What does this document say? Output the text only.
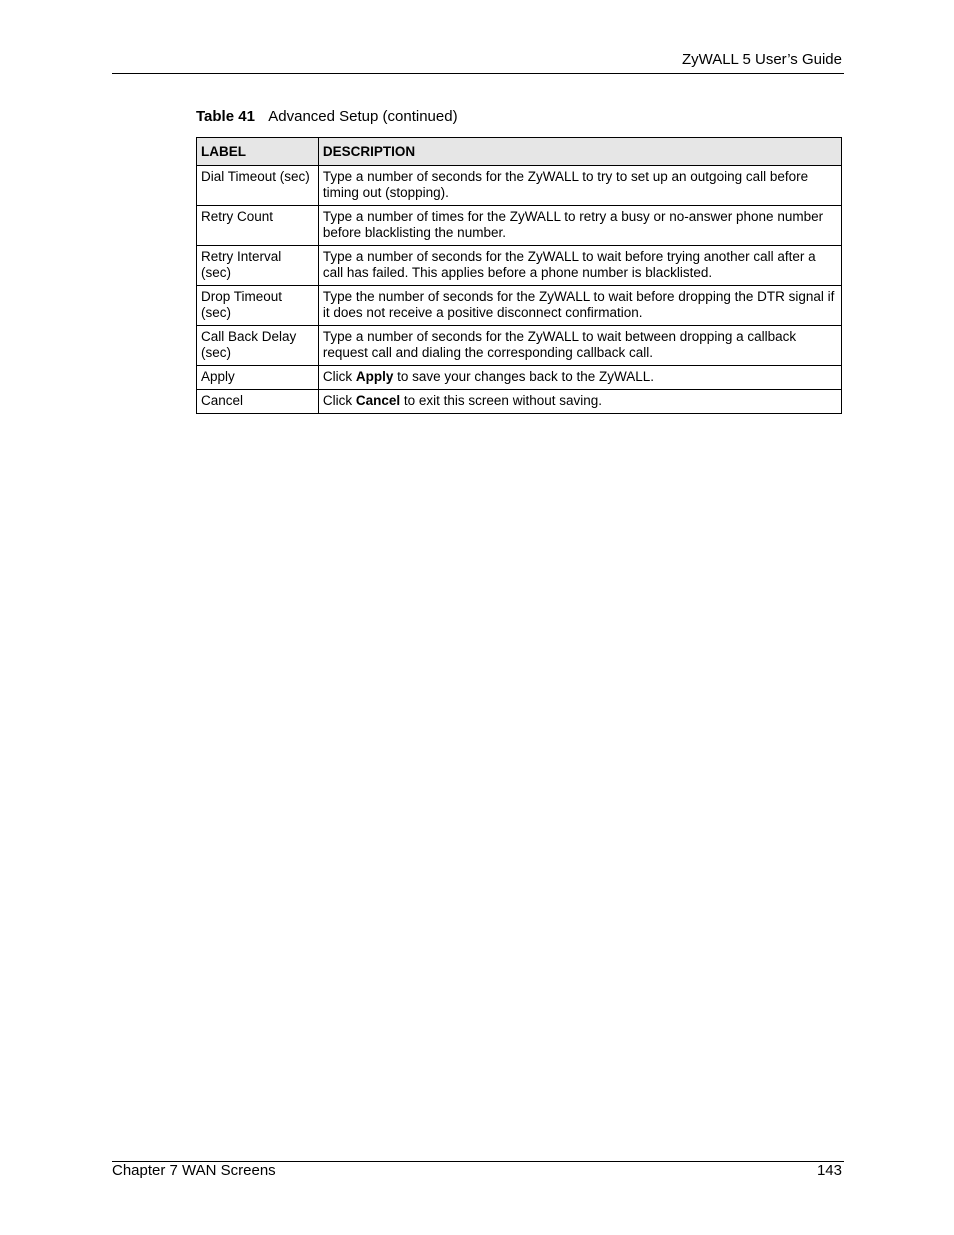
ZyWALL 5 User’s Guide
Table 41 Advanced Setup (continued)
LABEL	DESCRIPTION
Dial Timeout (sec)	Type a number of seconds for the ZyWALL to try to set up an outgoing call before timing out (stopping).
Retry Count	Type a number of times for the ZyWALL to retry a busy or no-answer phone number before blacklisting the number.
Retry Interval (sec)	Type a number of seconds for the ZyWALL to wait before trying another call after a call has failed. This applies before a phone number is blacklisted.
Drop Timeout (sec)	Type the number of seconds for the ZyWALL to wait before dropping the DTR signal if it does not receive a positive disconnect confirmation.
Call Back Delay (sec)	Type a number of seconds for the ZyWALL to wait between dropping a callback request call and dialing the corresponding callback call.
Apply	Click Apply to save your changes back to the ZyWALL.
Cancel	Click Cancel to exit this screen without saving.
Chapter 7 WAN Screens	143
